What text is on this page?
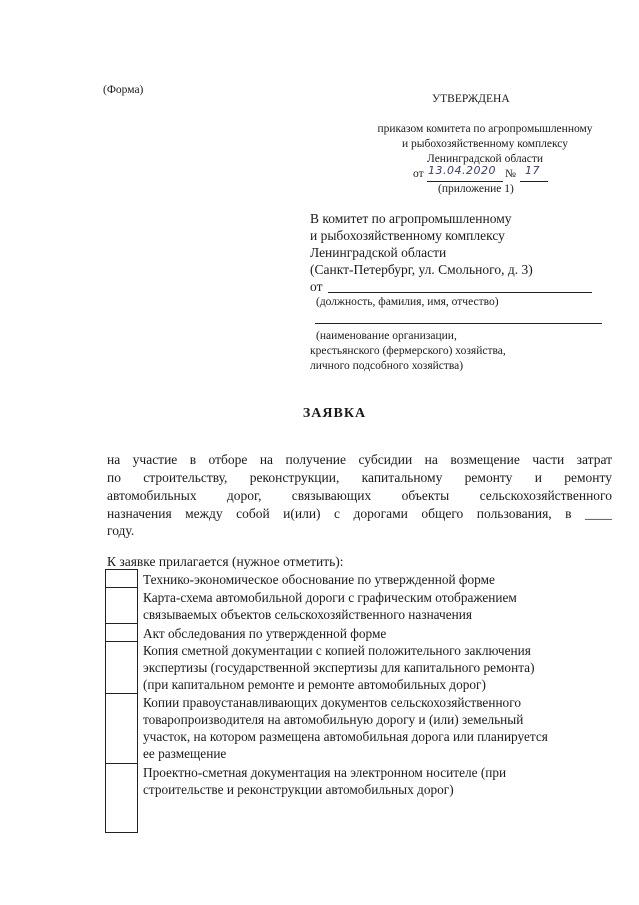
(Форма)
УТВЕРЖДЕНА
приказом комитета по агропромышленному
и рыбохозяйственному комплексу
Ленинградской области
от 13.04.2020 № 17
(приложение 1)
В комитет по агропромышленному
и рыбохозяйственному комплексу
Ленинградской области
(Санкт-Петербург, ул. Смольного, д. 3)
от
(должность, фамилия, имя, отчество)
(наименование организации,
крестьянского (фермерского) хозяйства,
личного подсобного хозяйства)
ЗАЯВКА
на участие в отборе на получение субсидии на возмещение части затрат
по строительству, реконструкции, капитальному ремонту и ремонту
автомобильных дорог, связывающих объекты сельскохозяйственного
назначения между собой и(или) с дорогами общего пользования, в ____
году.
К заявке прилагается (нужное отметить):
Технико-экономическое обоснование по утвержденной форме
Карта-схема автомобильной дороги с графическим отображением
связываемых объектов сельскохозяйственного назначения
Акт обследования по утвержденной форме
Копия сметной документации с копией положительного заключения
экспертизы (государственной экспертизы для капитального ремонта)
(при капитальном ремонте и ремонте автомобильных дорог)
Копии правоустанавливающих документов сельскохозяйственного
товаропроизводителя на автомобильную дорогу и (или) земельный
участок, на котором размещена автомобильная дорога или планируется
ее размещение
Проектно-сметная документация на электронном носителе (при
строительстве и реконструкции автомобильных дорог)
